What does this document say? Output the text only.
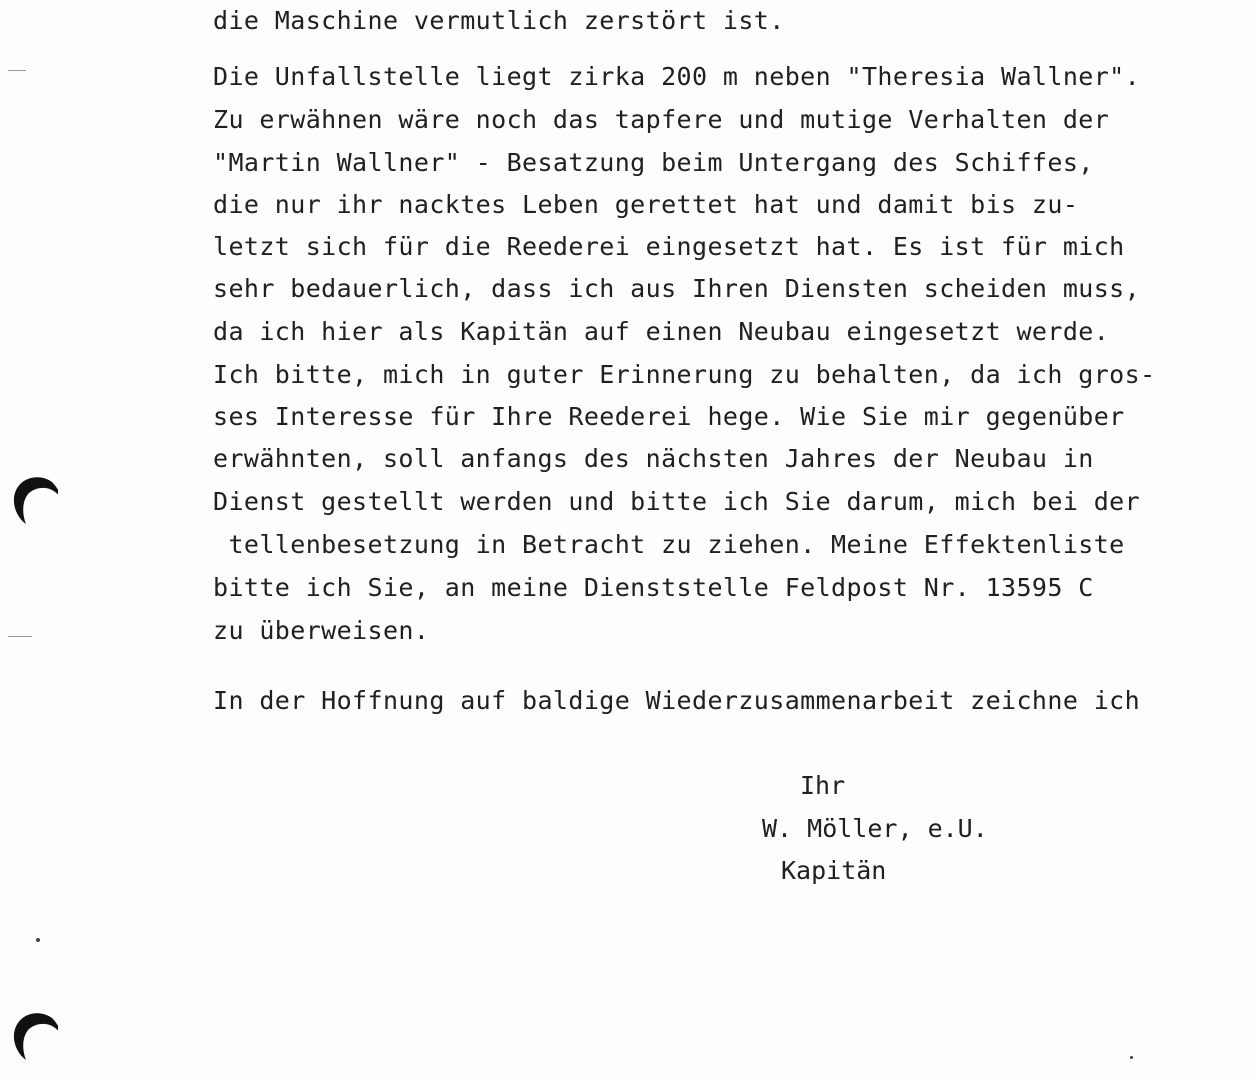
die Maschine vermutlich zerstört ist.
Die Unfallstelle liegt zirka 200 m neben "Theresia Wallner".
Zu erwähnen wäre noch das tapfere und mutige Verhalten der
"Martin Wallner" - Besatzung beim Untergang des Schiffes,
die nur ihr nacktes Leben gerettet hat und damit bis zu-
letzt sich für die Reederei eingesetzt hat. Es ist für mich
sehr bedauerlich, dass ich aus Ihren Diensten scheiden muss,
da ich hier als Kapitän auf einen Neubau eingesetzt werde.
Ich bitte, mich in guter Erinnerung zu behalten, da ich gros-
ses Interesse für Ihre Reederei hege. Wie Sie mir gegenüber
erwähnten, soll anfangs des nächsten Jahres der Neubau in
Dienst gestellt werden und bitte ich Sie darum, mich bei der
tellenbesetzung in Betracht zu ziehen. Meine Effektenliste
bitte ich Sie, an meine Dienststelle Feldpost Nr. 13595 C
zu überweisen.
In der Hoffnung auf baldige Wiederzusammenarbeit zeichne ich
Ihr
W. Möller, e.U.
Kapitän
